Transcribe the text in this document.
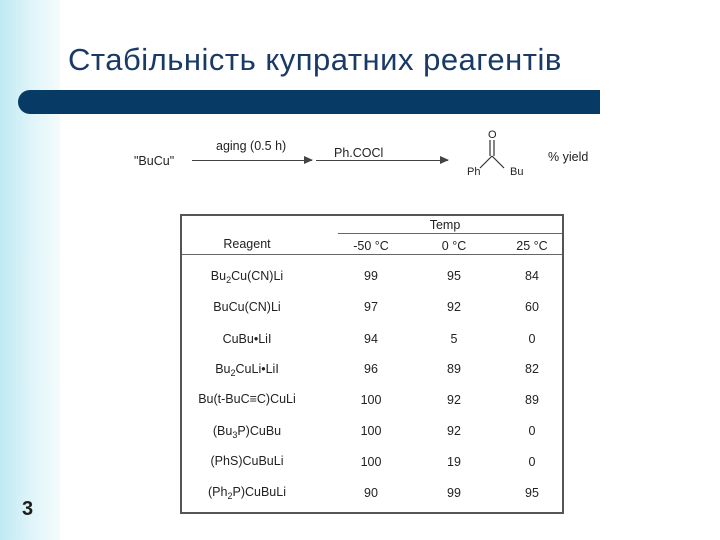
Стабільність купратних реагентів
"BuCu"
aging (0.5 h)	Ph.COCl
O
Ph	Bu
% yield
Temp
Reagent	-50 °C	0 °C	25 °C
$Bu_2Cu(CN)Li$	99	95	84
BuCu(CN)Li	97	92	60
CuBu•LiI	94	5	0
$Bu_2CuLi•LiI$	96	89	82
Bu(t-BuC≡C)CuLi	100	92	89
$(Bu_3P)CuBu$	100	92	0
(PhS)CuBuLi	100	19	0
$(Ph_2P)CuBuLi$	90	99	95
3
